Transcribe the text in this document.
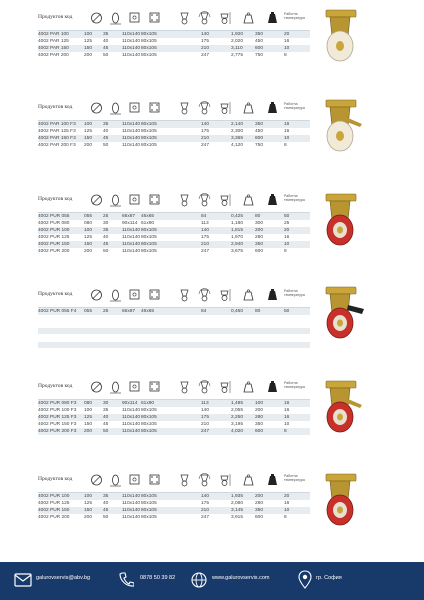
Продуктов код	Работна температура
4002 PAR 100	100	35	110х140	80х105		140	1,920	350	20
4002 PAR 125	125	40	110х140	80х105		175	2,020	450	16
4002 PAR 150	150	45	110х140	80х105		210	3,110	600	10
4002 PAR 200	200	50	110х140	80х105		247	2,775	750	8
Продуктов код	Работна температура
4002 PAR 100 F3	100	35	110х140	80х105		140	2,140	350	16
4002 PAR 125 F3	125	40	110х140	80х105		175	2,300	450	16
4002 PAR 150 F3	150	45	110х140	80х105		210	3,365	600	10
4002 PAR 200 F3	200	50	110х140	80х105		247	4,120	750	8
Продуктов код	Работна температура
4002 PUR 055	055	25	66х87	46х65		84	0,425	80	50
4002 PUR 080	080	30	90х114	61х90		113	1,180	300	25
4002 PUR 100	100	35	110х140	80х105		140	1,815	200	20
4002 PUR 125	125	40	110х140	80х105		175	1,970	280	16
4002 PUR 150	150	45	110х140	80х105		210	2,940	350	10
4002 PUR 200	200	50	110х140	80х105		247	3,675	600	8
Продуктов код	Работна температура
4002 PUR 055 F4	055	25	66х87	46х65		84	0,460	80	50
Продуктов код	Работна температура
4002 PUR 080 F3	080	30	90х114	61х90		113	1,485	100	16
4002 PUR 100 F3	100	35	110х140	80х105		140	2,055	200	16
4002 PUR 125 F3	125	40	110х140	80х105		175	2,250	280	16
4002 PUR 150 F3	150	45	110х140	80х105		210	3,195	350	10
4002 PUR 200 F3	200	50	110х140	80х105		247	4,020	600	8
Продуктов код	Работна температура
4002 PUR 100	100	35	110х140	80х105		140	1,935	200	20
4002 PUR 125	125	40	110х140	80х105		175	2,080	280	16
4002 PUR 150	150	45	110х140	80х105		210	3,145	350	10
4002 PUR 200	200	50	110х140	80х105		247	3,915	600	8
galurovservis@abv.bg	0878 50 39 82	www.galurovservis.com	гр. София
